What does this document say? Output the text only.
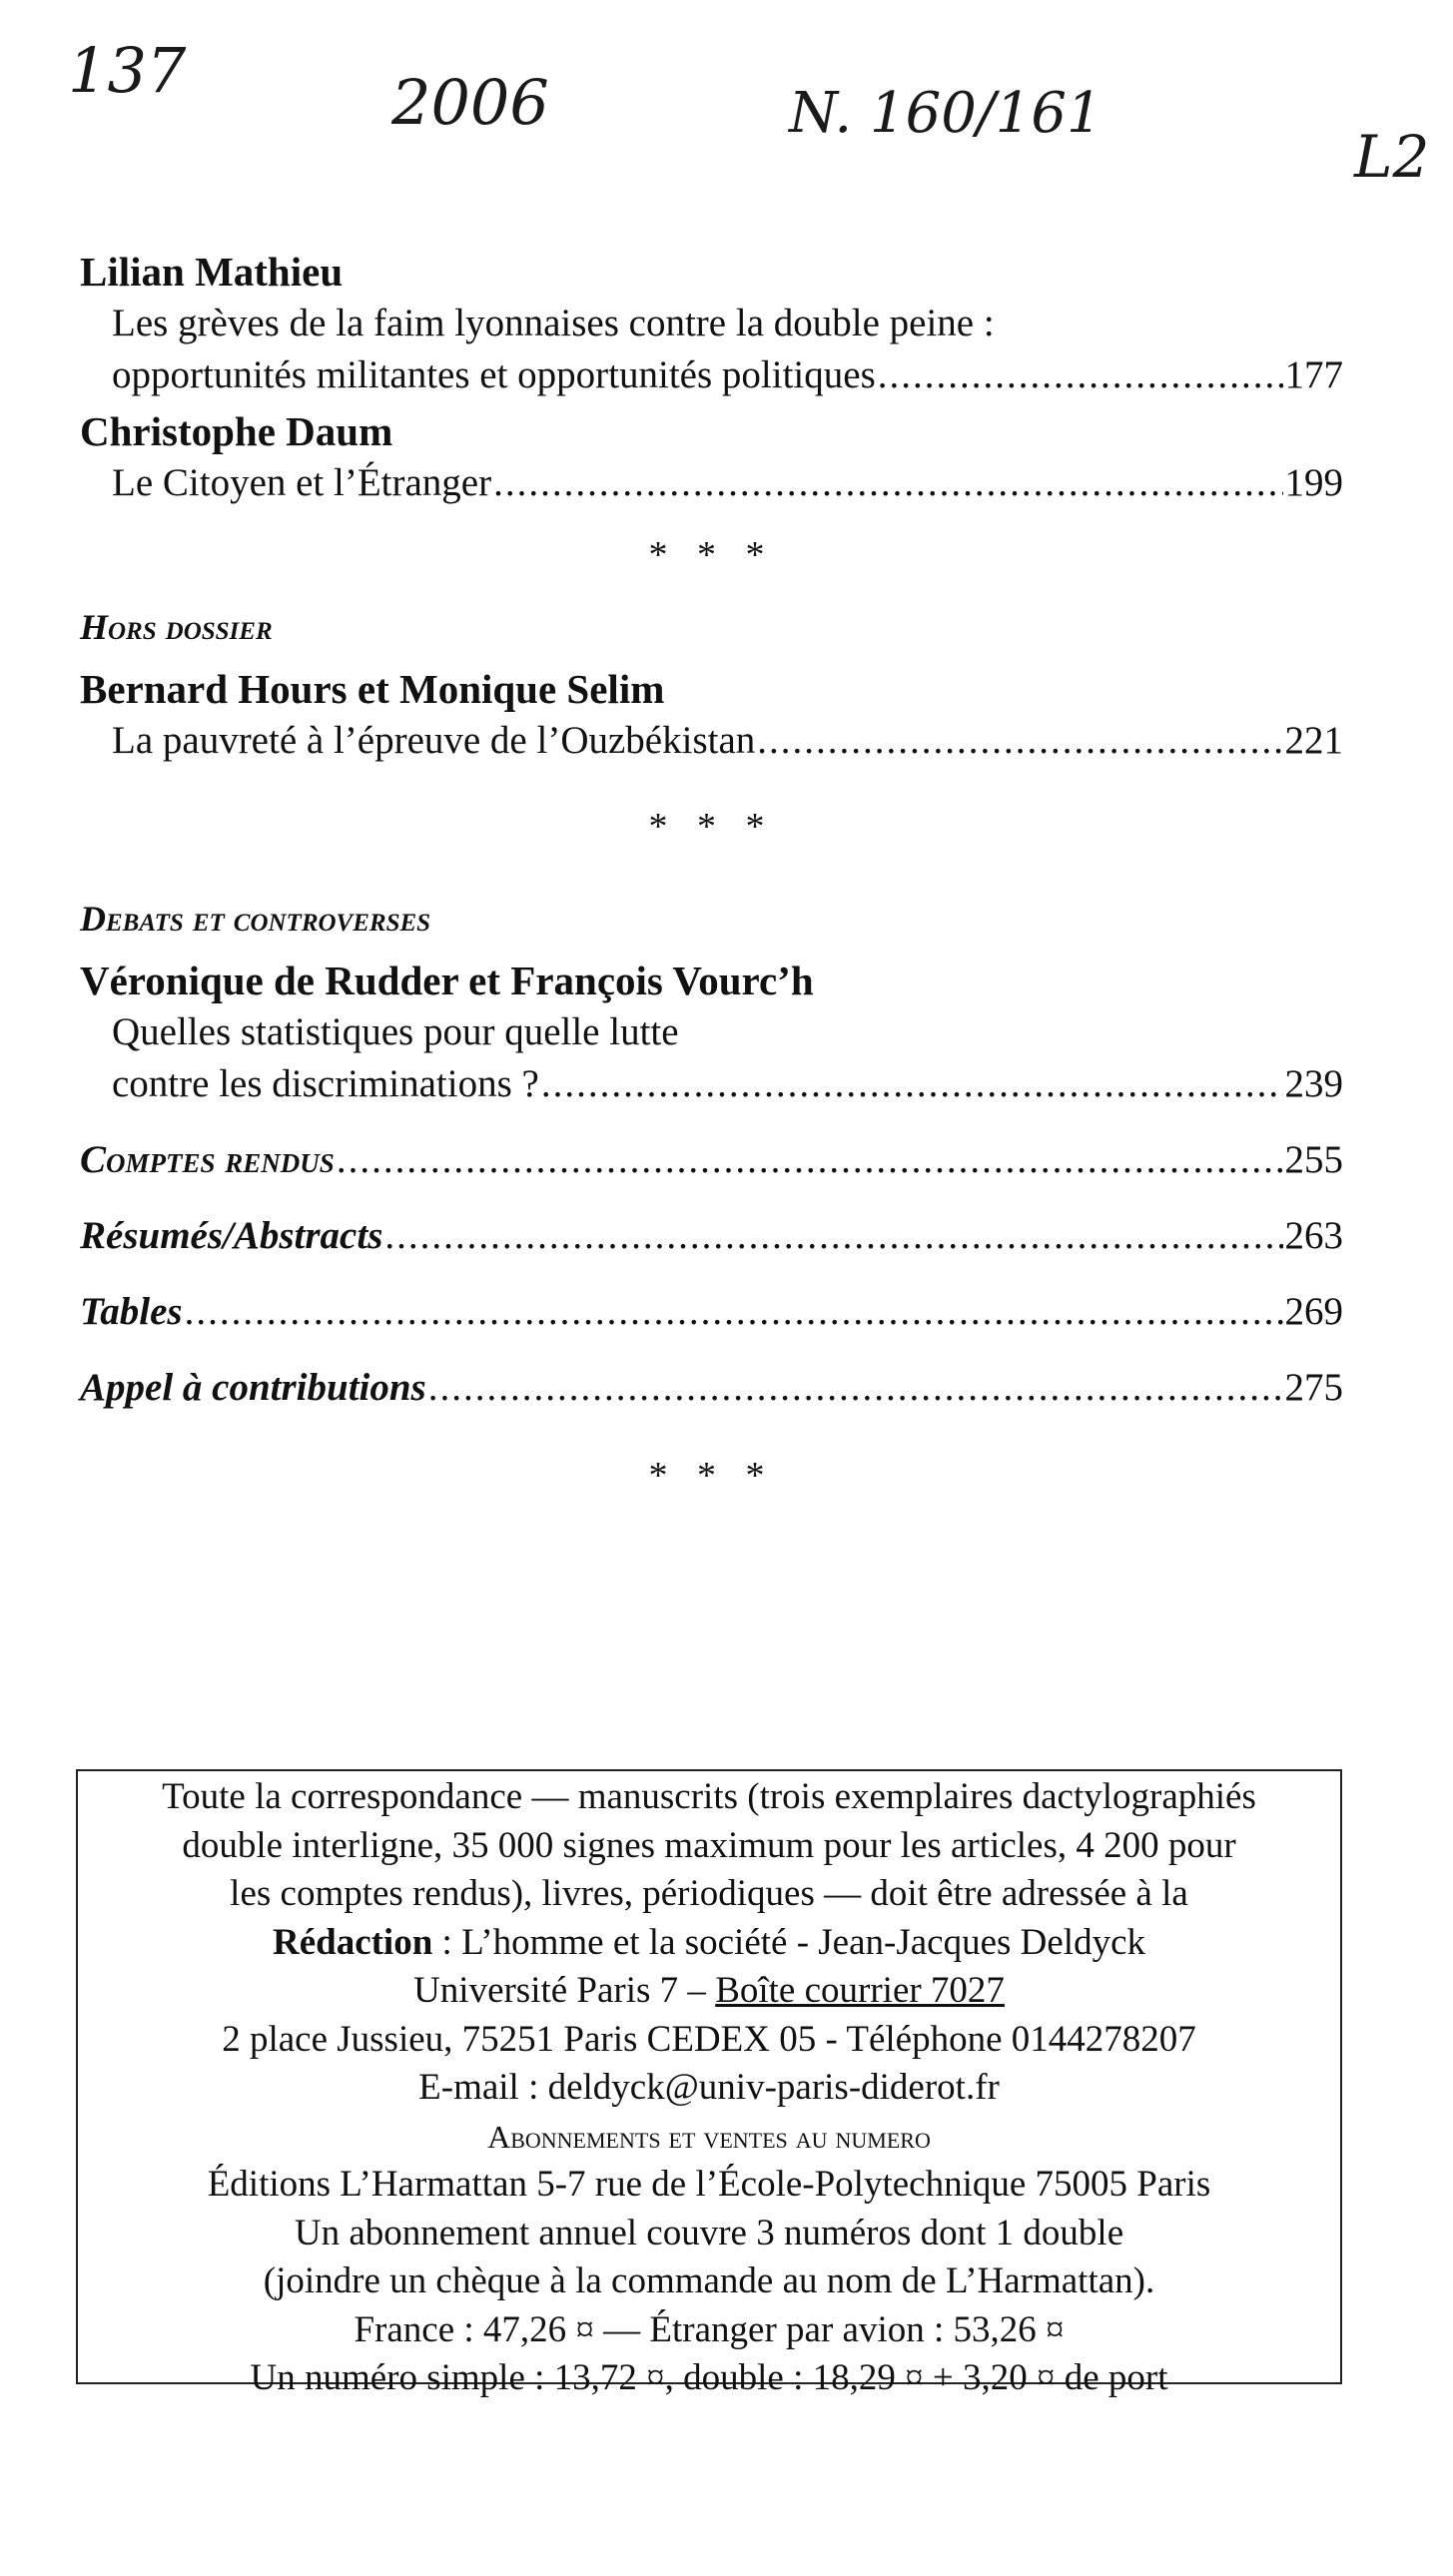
137	2006	N. 160/161
L2
Lilian Mathieu
Les grèves de la faim lyonnaises contre la double peine :
opportunités militantes et opportunités politiques .....	177
Christophe Daum
Le Citoyen et l’Étranger .....	199
* * *
Hors dossier
Bernard Hours et Monique Selim
La pauvreté à l’épreuve de l’Ouzbékistan .....	221
* * *
Debats et controverses
Véronique de Rudder et François Vourc’h
Quelles statistiques pour quelle lutte
contre les discriminations ? .....	239
Comptes rendus .....	255
Résumés/Abstracts .....	263
Tables .....	269
Appel à contributions .....	275
* * *
Toute la correspondance — manuscrits (trois exemplaires dactylographiés
double interligne, 35 000 signes maximum pour les articles, 4 200 pour
les comptes rendus), livres, périodiques — doit être adressée à la
Rédaction : L’homme et la société - Jean-Jacques Deldyck
Université Paris 7 – Boîte courrier 7027
2 place Jussieu, 75251 Paris CEDEX 05 - Téléphone 0144278207
E-mail : deldyck@univ-paris-diderot.fr
Abonnements et ventes au numero
Éditions L’Harmattan 5-7 rue de l’École-Polytechnique 75005 Paris
Un abonnement annuel couvre 3 numéros dont 1 double
(joindre un chèque à la commande au nom de L’Harmattan).
France : 47,26 ¤ — Étranger par avion : 53,26 ¤
Un numéro simple : 13,72 ¤, double : 18,29 ¤ + 3,20 ¤ de port
